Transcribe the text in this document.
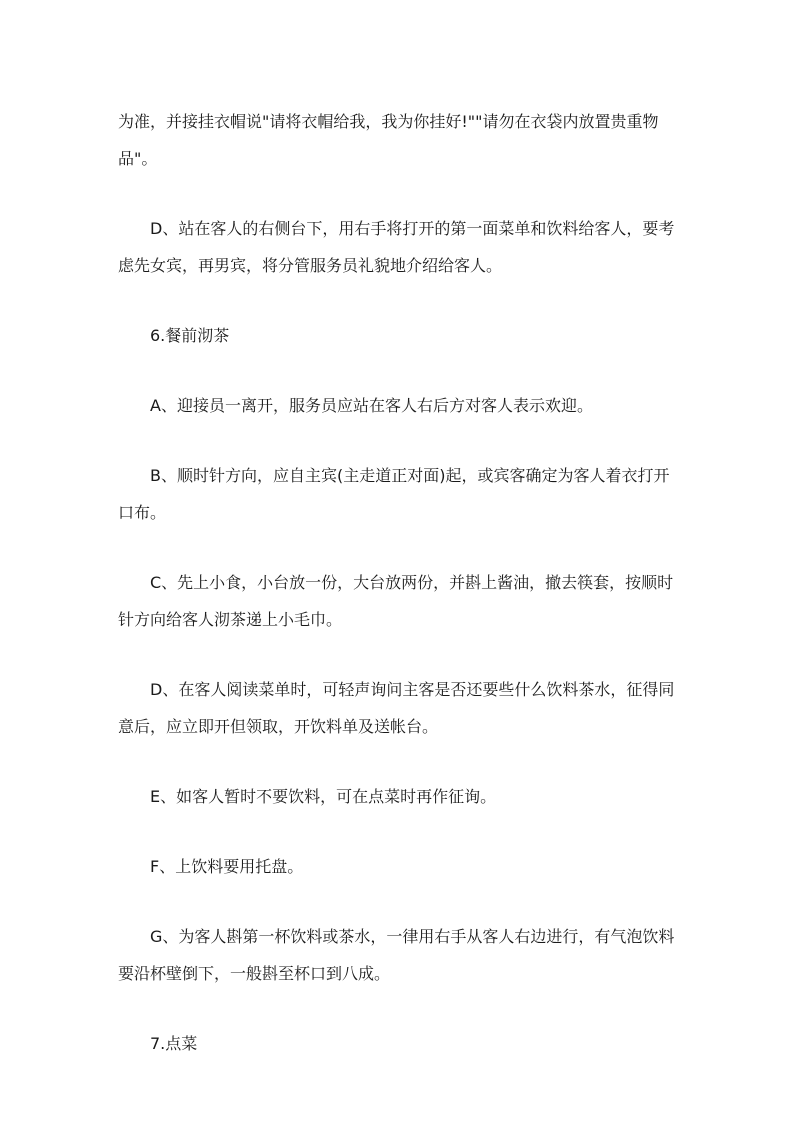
为准，并接挂衣帽说"请将衣帽给我，我为你挂好!""请勿在衣袋内放置贵重物品"。

D、站在客人的右侧台下，用右手将打开的第一面菜单和饮料给客人，要考虑先女宾，再男宾，将分管服务员礼貌地介绍给客人。

6.餐前沏茶

A、迎接员一离开，服务员应站在客人右后方对客人表示欢迎。

B、顺时针方向，应自主宾(主走道正对面)起，或宾客确定为客人着衣打开口布。

C、先上小食，小台放一份，大台放两份，并斟上酱油，撤去筷套，按顺时针方向给客人沏茶递上小毛巾。

D、在客人阅读菜单时，可轻声询问主客是否还要些什么饮料茶水，征得同意后，应立即开但领取，开饮料单及送帐台。

E、如客人暂时不要饮料，可在点菜时再作征询。

F、上饮料要用托盘。

G、为客人斟第一杯饮料或茶水，一律用右手从客人右边进行，有气泡饮料要沿杯壁倒下，一般斟至杯口到八成。

7.点菜
